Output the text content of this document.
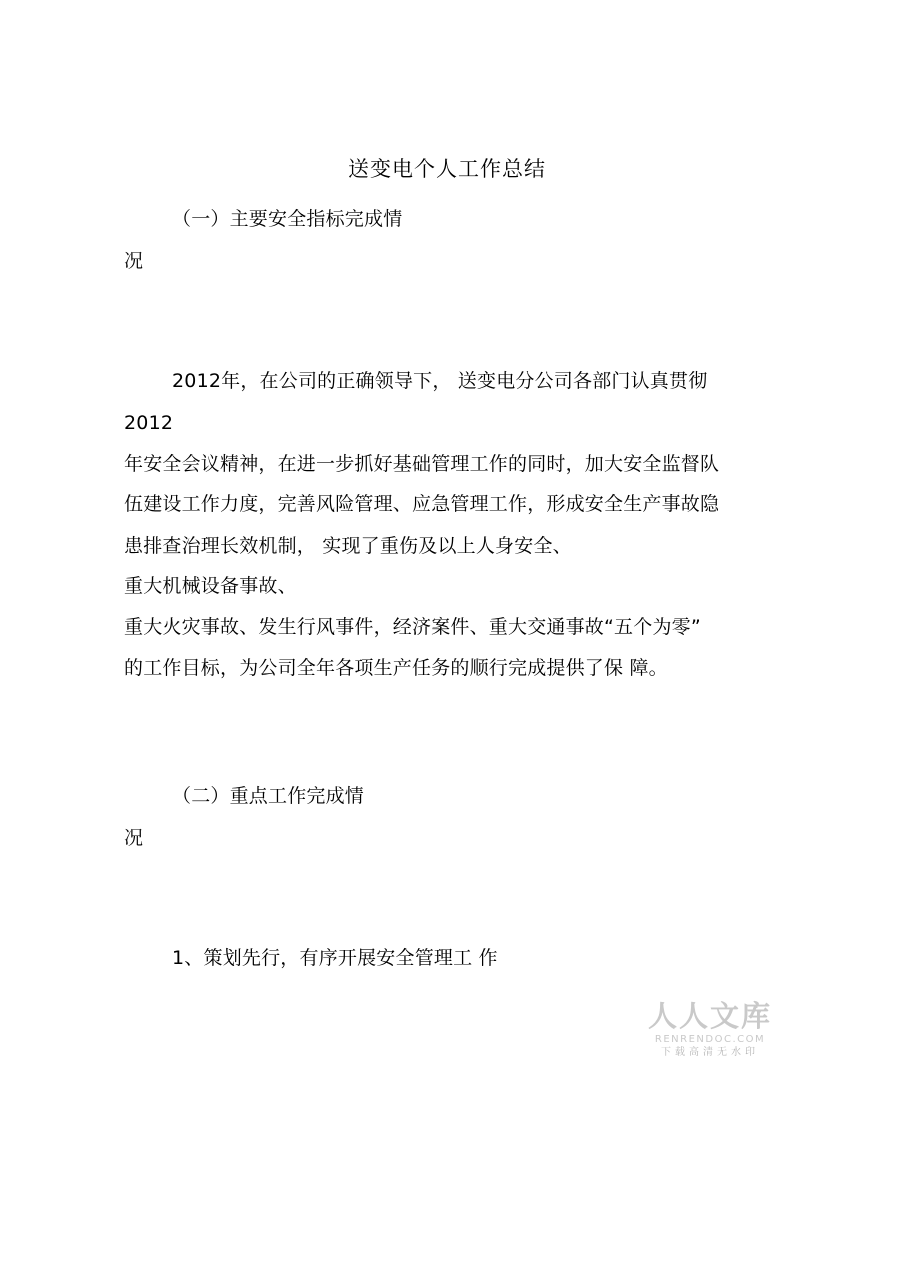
送变电个人工作总结
（一）主要安全指标完成情
况
2012年，在公司的正确领导下， 送变电分公司各部门认真贯彻
2012
年安全会议精神，在进一步抓好基础管理工作的同时，加大安全监督队
伍建设工作力度，完善风险管理、应急管理工作，形成安全生产事故隐
患排查治理长效机制， 实现了重伤及以上人身安全、
重大机械设备事故、
重大火灾事故、发生行风事件，经济案件、重大交通事故“五个为零”
的工作目标，为公司全年各项生产任务的顺行完成提供了保 障。
（二）重点工作完成情
况
1、策划先行，有序开展安全管理工 作
人人文库
RENRENDOC.COM
下载高清无水印
